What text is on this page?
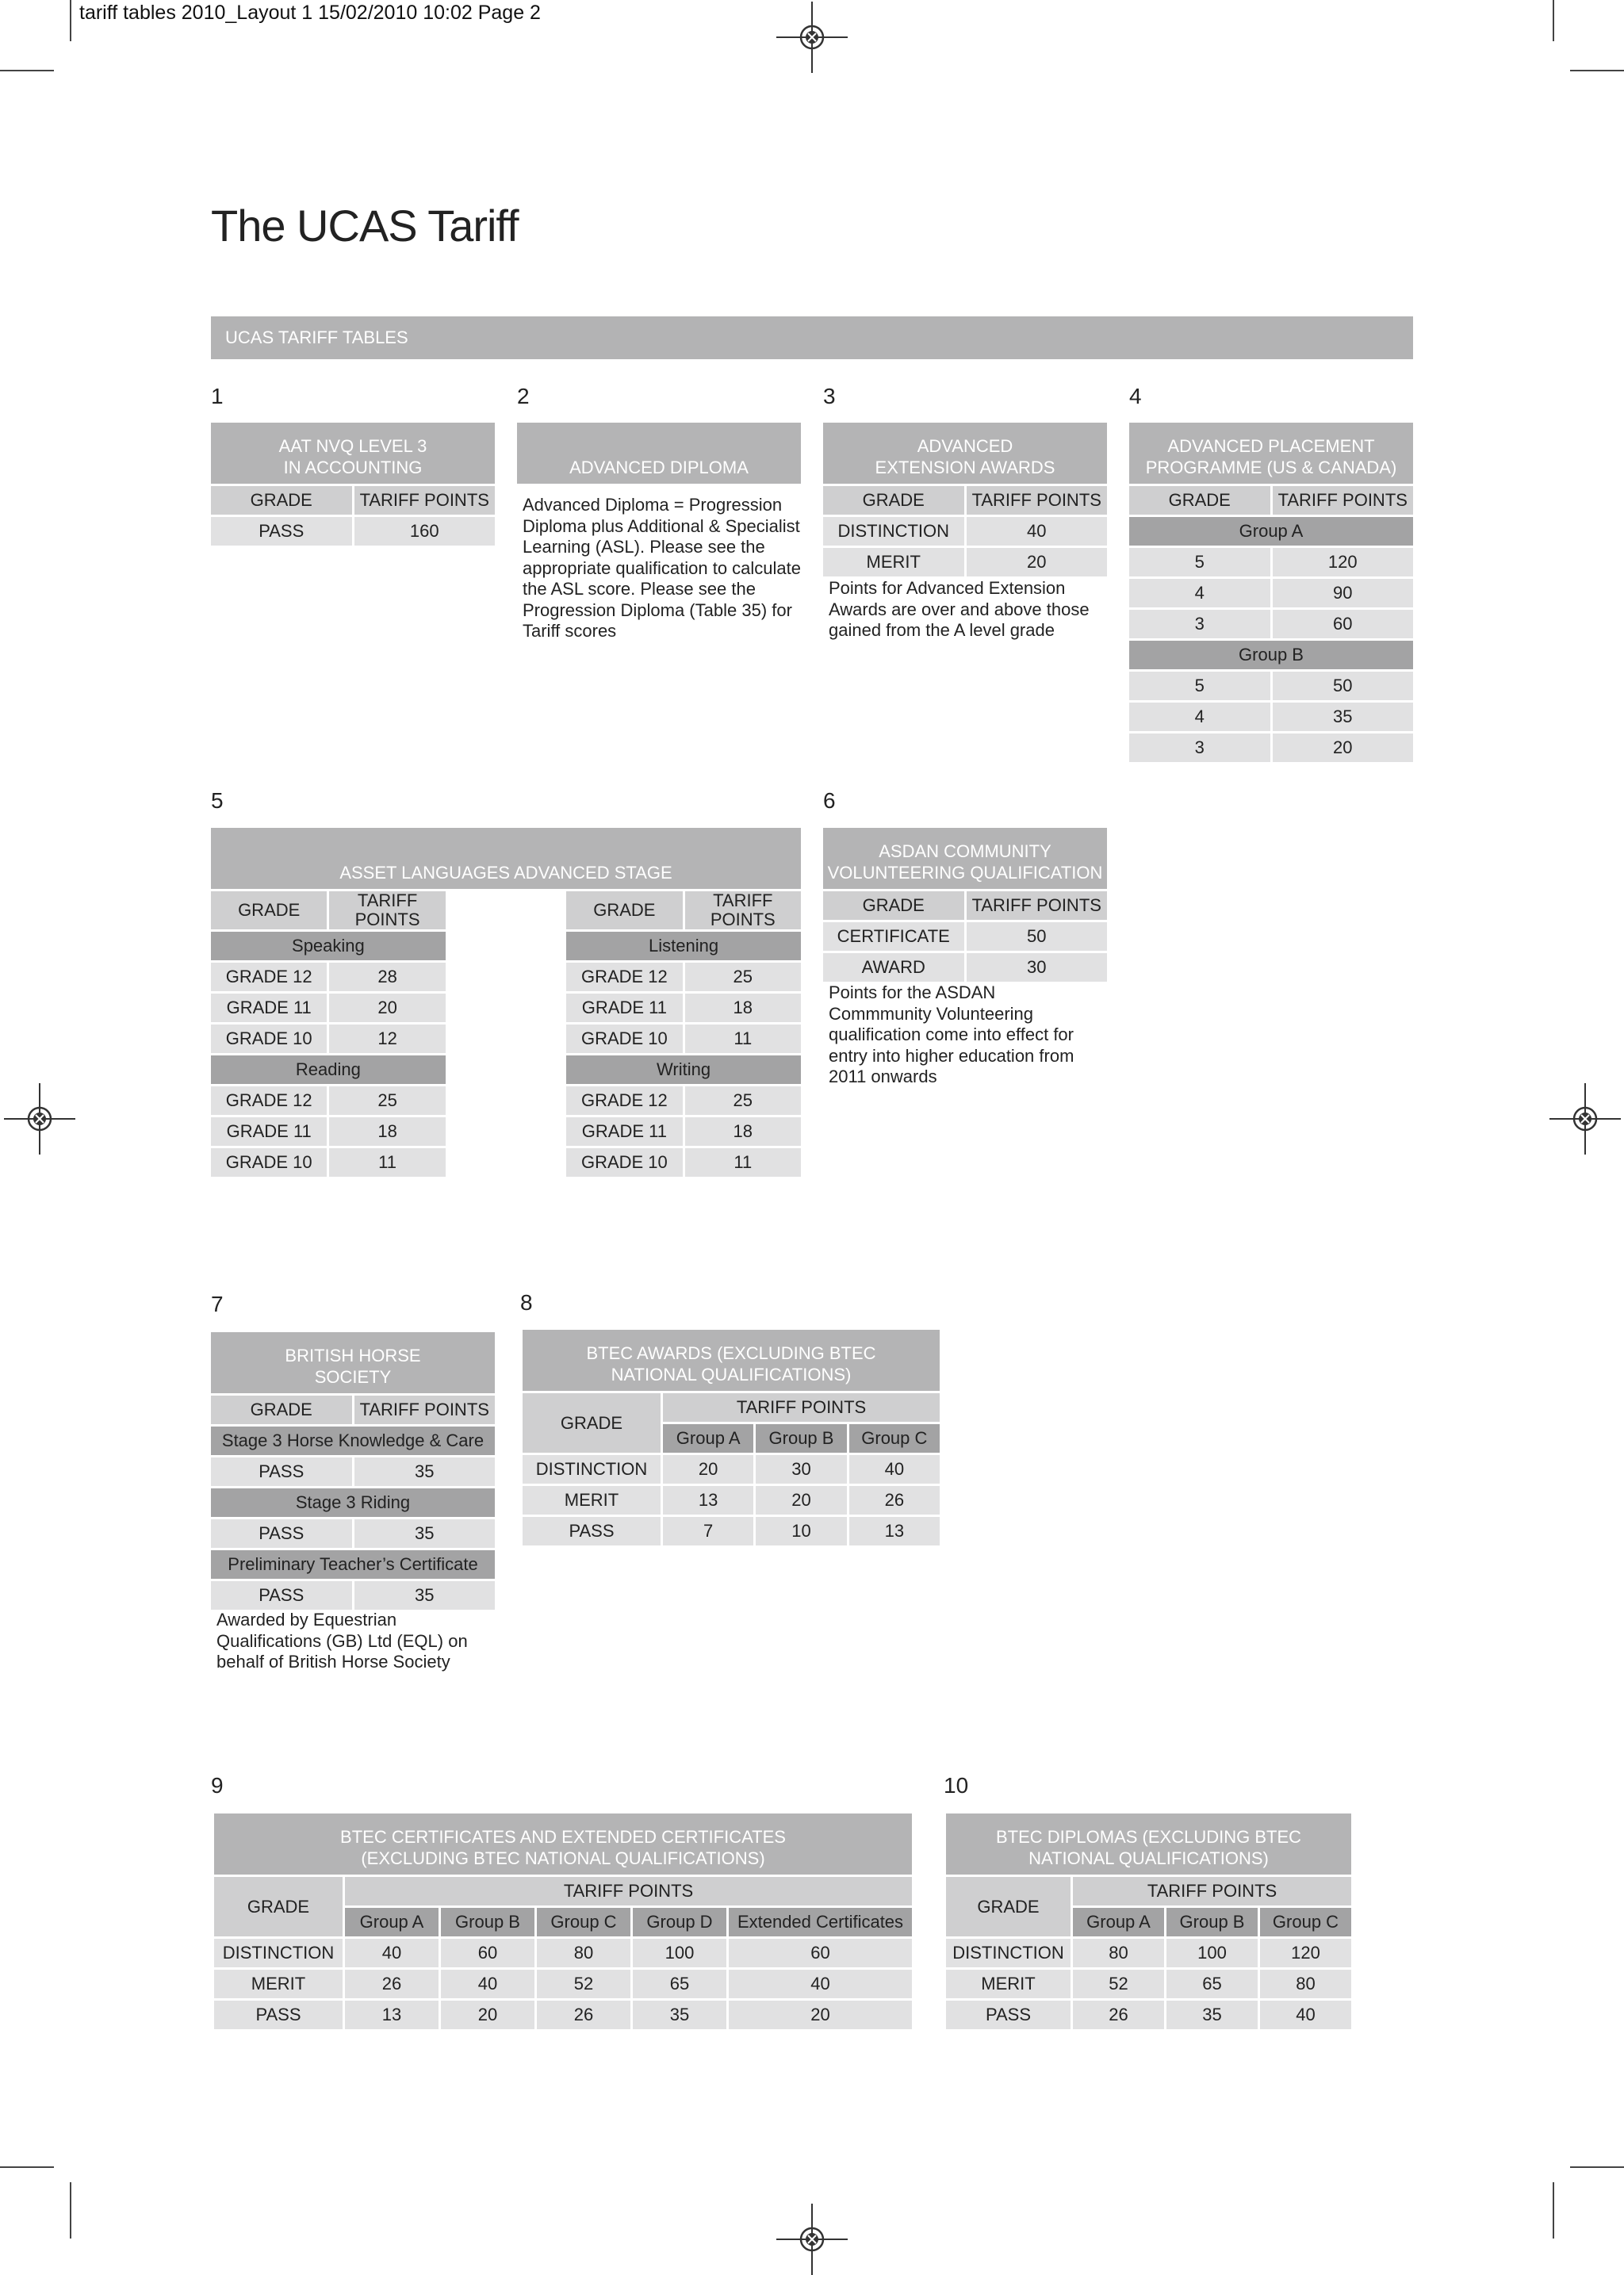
tariff tables 2010_Layout 1 15/02/2010 10:02 Page 2
The UCAS Tariff
UCAS TARIFF TABLES
1
AAT NVQ LEVEL 3
IN ACCOUNTING	
GRADE	TARIFF POINTS
PASS	160
2
ADVANCED DIPLOMA

Advanced Diploma = Progression Diploma plus Additional & Specialist Learning (ASL). Please see the appropriate qualification to calculate the ASL score. Please see the Progression Diploma (Table 35) for Tariff scores

3
ADVANCED
EXTENSION AWARDS	
GRADE	TARIFF POINTS
DISTINCTION	40
MERIT	20

Points for Advanced Extension Awards are over and above those gained from the A level grade

4
ADVANCED PLACEMENT
PROGRAMME (US & CANADA)	
GRADE	TARIFF POINTS
Group A	
5	120
4	90
3	60
Group B	
5	50
4	35
3	20
5
ASSET LANGUAGES ADVANCED STAGE				
GRADE	TARIFF POINTS		GRADE	TARIFF POINTS
Speaking			Listening	
GRADE 12	28		GRADE 12	25
GRADE 11	20		GRADE 11	18
GRADE 10	12		GRADE 10	11
Reading			Writing	
GRADE 12	25		GRADE 12	25
GRADE 11	18		GRADE 11	18
GRADE 10	11		GRADE 10	11
6
ASDAN COMMUNITY
VOLUNTEERING QUALIFICATION	
GRADE	TARIFF POINTS
CERTIFICATE	50
AWARD	30

Points for the ASDAN Commmunity Volunteering qualification come into effect for entry into higher education from 2011 onwards

7
BRITISH HORSE
SOCIETY	
GRADE	TARIFF POINTS
Stage 3 Horse Knowledge & Care	
PASS	35
Stage 3 Riding	
PASS	35
Preliminary Teacher’s Certificate	
PASS	35

Awarded by Equestrian Qualifications (GB) Ltd (EQL) on behalf of British Horse Society

8
BTEC AWARDS (EXCLUDING BTEC
NATIONAL QUALIFICATIONS)			
GRADE	TARIFF POINTS		
	Group A	Group B	Group C
DISTINCTION	20	30	40
MERIT	13	20	26
PASS	7	10	13
9
BTEC CERTIFICATES AND EXTENDED CERTIFICATES
(EXCLUDING BTEC NATIONAL QUALIFICATIONS)					
GRADE	TARIFF POINTS				
	Group A	Group B	Group C	Group D	Extended Certificates
DISTINCTION	40	60	80	100	60
MERIT	26	40	52	65	40
PASS	13	20	26	35	20
10
BTEC DIPLOMAS (EXCLUDING BTEC
NATIONAL QUALIFICATIONS)			
GRADE	TARIFF POINTS		
	Group A	Group B	Group C
DISTINCTION	80	100	120
MERIT	52	65	80
PASS	26	35	40
